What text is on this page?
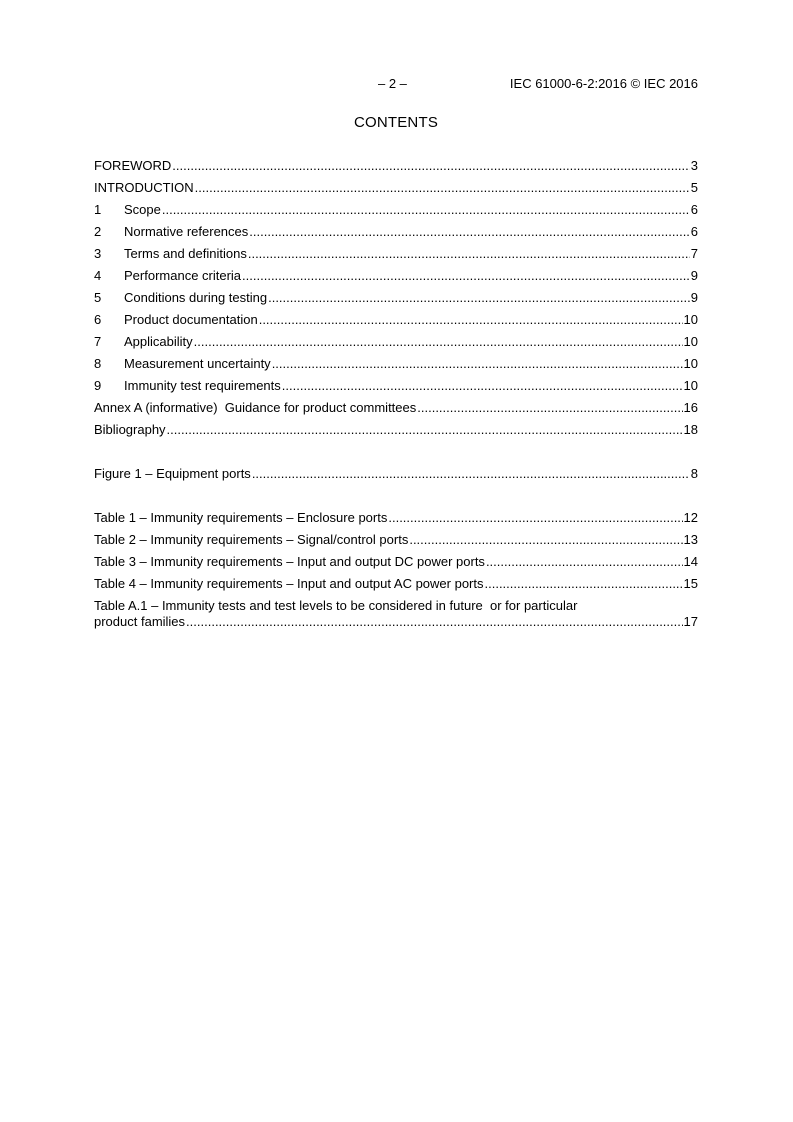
– 2 –	IEC 61000-6-2:2016 © IEC 2016
CONTENTS
FOREWORD .....	3
INTRODUCTION .....	5
1	Scope .....	6
2	Normative references .....	6
3	Terms and definitions .....	7
4	Performance criteria .....	9
5	Conditions during testing .....	9
6	Product documentation .....	10
7	Applicability .....	10
8	Measurement uncertainty .....	10
9	Immunity test requirements .....	10
Annex A (informative)  Guidance for product committees .....	16
Bibliography .....	18
Figure 1 – Equipment ports .....	8
Table 1 – Immunity requirements – Enclosure ports .....	12
Table 2 – Immunity requirements – Signal/control ports .....	13
Table 3 – Immunity requirements – Input and output DC power ports .....	14
Table 4 – Immunity requirements – Input and output AC power ports .....	15
Table A.1 – Immunity tests and test levels to be considered in future  or for particular
product families .....	17
